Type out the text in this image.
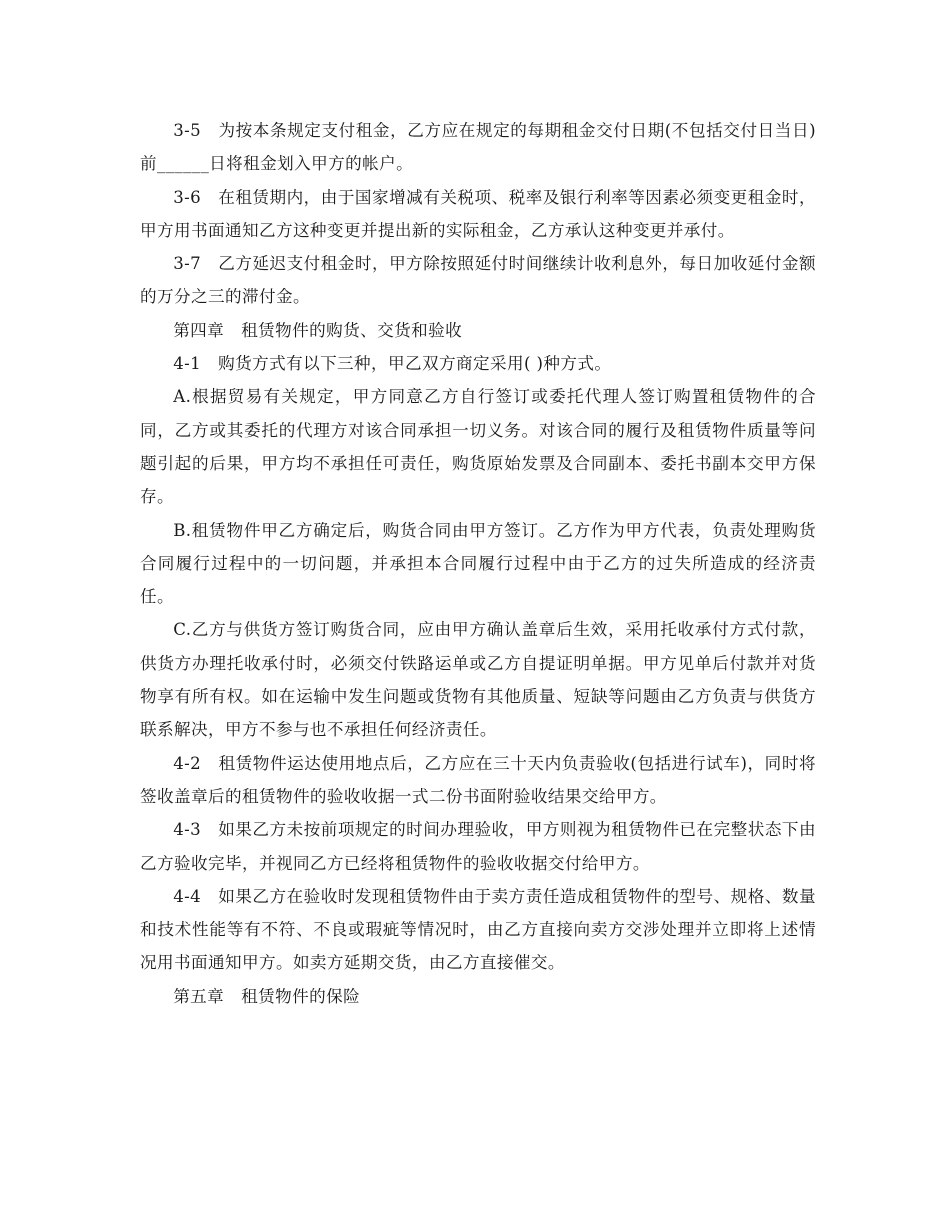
3-5　为按本条规定支付租金，乙方应在规定的每期租金交付日期(不包括交付日当日)前______日将租金划入甲方的帐户。

3-6　在租赁期内，由于国家增减有关税项、税率及银行利率等因素必须变更租金时，甲方用书面通知乙方这种变更并提出新的实际租金，乙方承认这种变更并承付。

3-7　乙方延迟支付租金时，甲方除按照延付时间继续计收利息外，每日加收延付金额的万分之三的滞付金。

第四章　租赁物件的购货、交货和验收

4-1　购货方式有以下三种，甲乙双方商定采用( )种方式。

A.根据贸易有关规定，甲方同意乙方自行签订或委托代理人签订购置租赁物件的合同，乙方或其委托的代理方对该合同承担一切义务。对该合同的履行及租赁物件质量等问题引起的后果，甲方均不承担任可责任，购货原始发票及合同副本、委托书副本交甲方保存。

B.租赁物件甲乙方确定后，购货合同由甲方签订。乙方作为甲方代表，负责处理购货合同履行过程中的一切问题，并承担本合同履行过程中由于乙方的过失所造成的经济责任。

C.乙方与供货方签订购货合同，应由甲方确认盖章后生效，采用托收承付方式付款，供货方办理托收承付时，必须交付铁路运单或乙方自提证明单据。甲方见单后付款并对货物享有所有权。如在运输中发生问题或货物有其他质量、短缺等问题由乙方负责与供货方联系解决，甲方不参与也不承担任何经济责任。

4-2　租赁物件运达使用地点后，乙方应在三十天内负责验收(包括进行试车)，同时将签收盖章后的租赁物件的验收收据一式二份书面附验收结果交给甲方。

4-3　如果乙方未按前项规定的时间办理验收，甲方则视为租赁物件已在完整状态下由乙方验收完毕，并视同乙方已经将租赁物件的验收收据交付给甲方。

4-4　如果乙方在验收时发现租赁物件由于卖方责任造成租赁物件的型号、规格、数量和技术性能等有不符、不良或瑕疵等情况时，由乙方直接向卖方交涉处理并立即将上述情况用书面通知甲方。如卖方延期交货，由乙方直接催交。

第五章　租赁物件的保险
